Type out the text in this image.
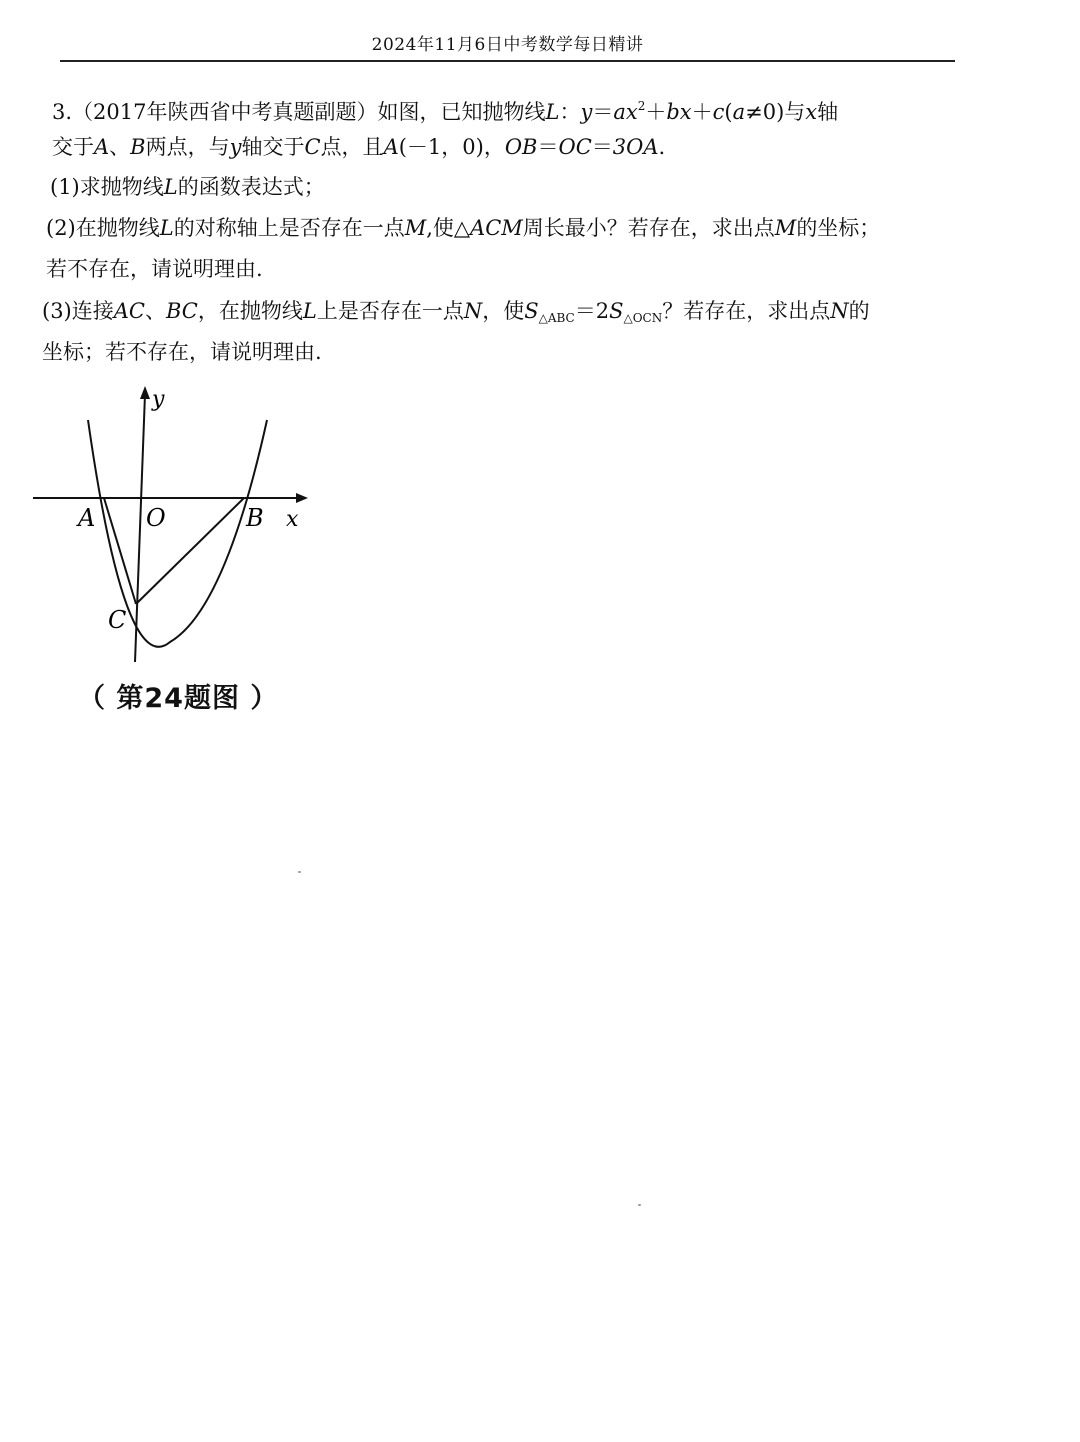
2024年11月6日中考数学每日精讲
3.（2017年陕西省中考真题副题）如图，已知抛物线L：$y=ax^2+bx+c(a\ne 0)$与x轴
交于A、B两点，与y轴交于C点，且A(－1，0)，OB＝OC＝3OA.
(1)求抛物线L的函数表达式；
(2)在抛物线L的对称轴上是否存在一点M,使△ACM周长最小？若存在，求出点M的坐标；
若不存在，请说明理由.
(3)连接AC、BC，在抛物线L上是否存在一点N，使$S_{\triangle ABC}=2S_{\triangle OCN}$？若存在，求出点N的
坐标；若不存在，请说明理由.
y
x
A O	B
C
（ 第24题图 ）
